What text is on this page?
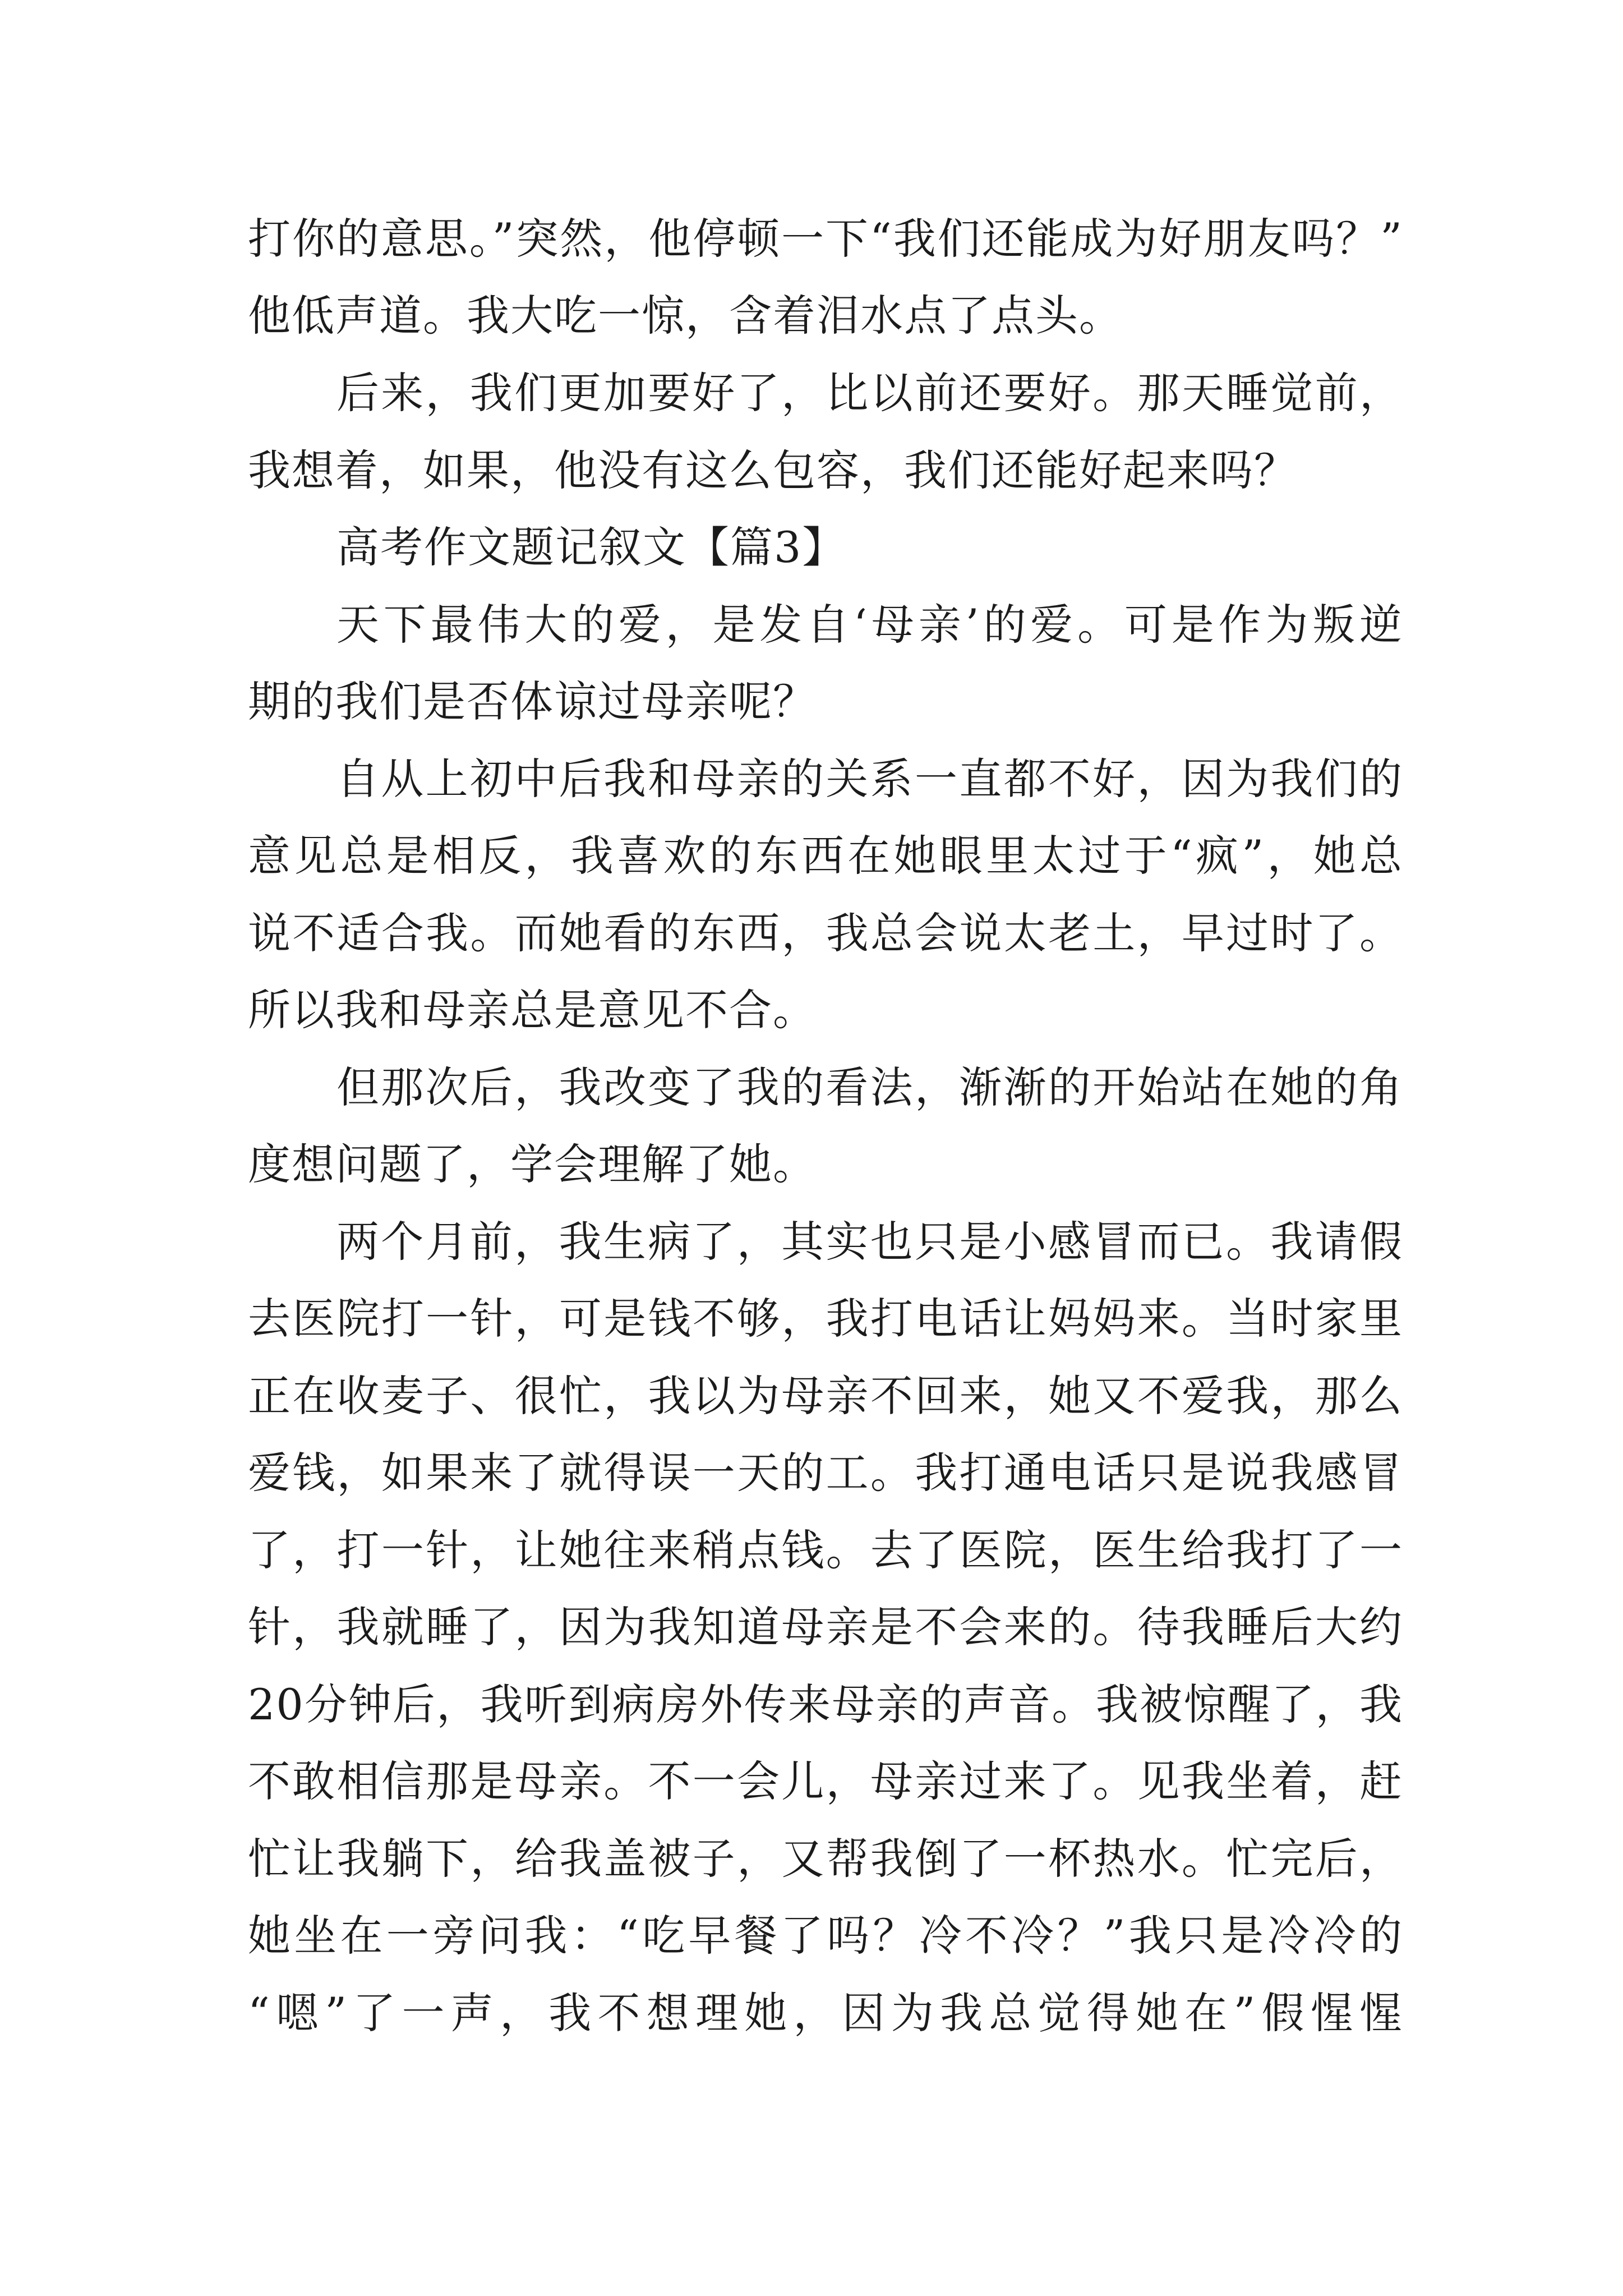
打你的意思。”突然，他停顿一下“我们还能成为好朋友吗？”
他低声道。我大吃一惊，含着泪水点了点头。
后来，我们更加要好了，比以前还要好。那天睡觉前，
我想着，如果，他没有这么包容，我们还能好起来吗？
高考作文题记叙文【篇3】
天下最伟大的爱，是发自‘母亲’的爱。可是作为叛逆
期的我们是否体谅过母亲呢？
自从上初中后我和母亲的关系一直都不好，因为我们的
意见总是相反，我喜欢的东西在她眼里太过于“疯”，她总
说不适合我。而她看的东西，我总会说太老土，早过时了。
所以我和母亲总是意见不合。
但那次后，我改变了我的看法，渐渐的开始站在她的角
度想问题了，学会理解了她。
两个月前，我生病了，其实也只是小感冒而已。我请假
去医院打一针，可是钱不够，我打电话让妈妈来。当时家里
正在收麦子、很忙，我以为母亲不回来，她又不爱我，那么
爱钱，如果来了就得误一天的工。我打通电话只是说我感冒
了，打一针，让她往来稍点钱。去了医院，医生给我打了一
针，我就睡了，因为我知道母亲是不会来的。待我睡后大约
20分钟后，我听到病房外传来母亲的声音。我被惊醒了，我
不敢相信那是母亲。不一会儿，母亲过来了。见我坐着，赶
忙让我躺下，给我盖被子，又帮我倒了一杯热水。忙完后，
她坐在一旁问我：“吃早餐了吗？冷不冷？”我只是冷冷的
“嗯”了一声，我不想理她，因为我总觉得她在”假惺惺
